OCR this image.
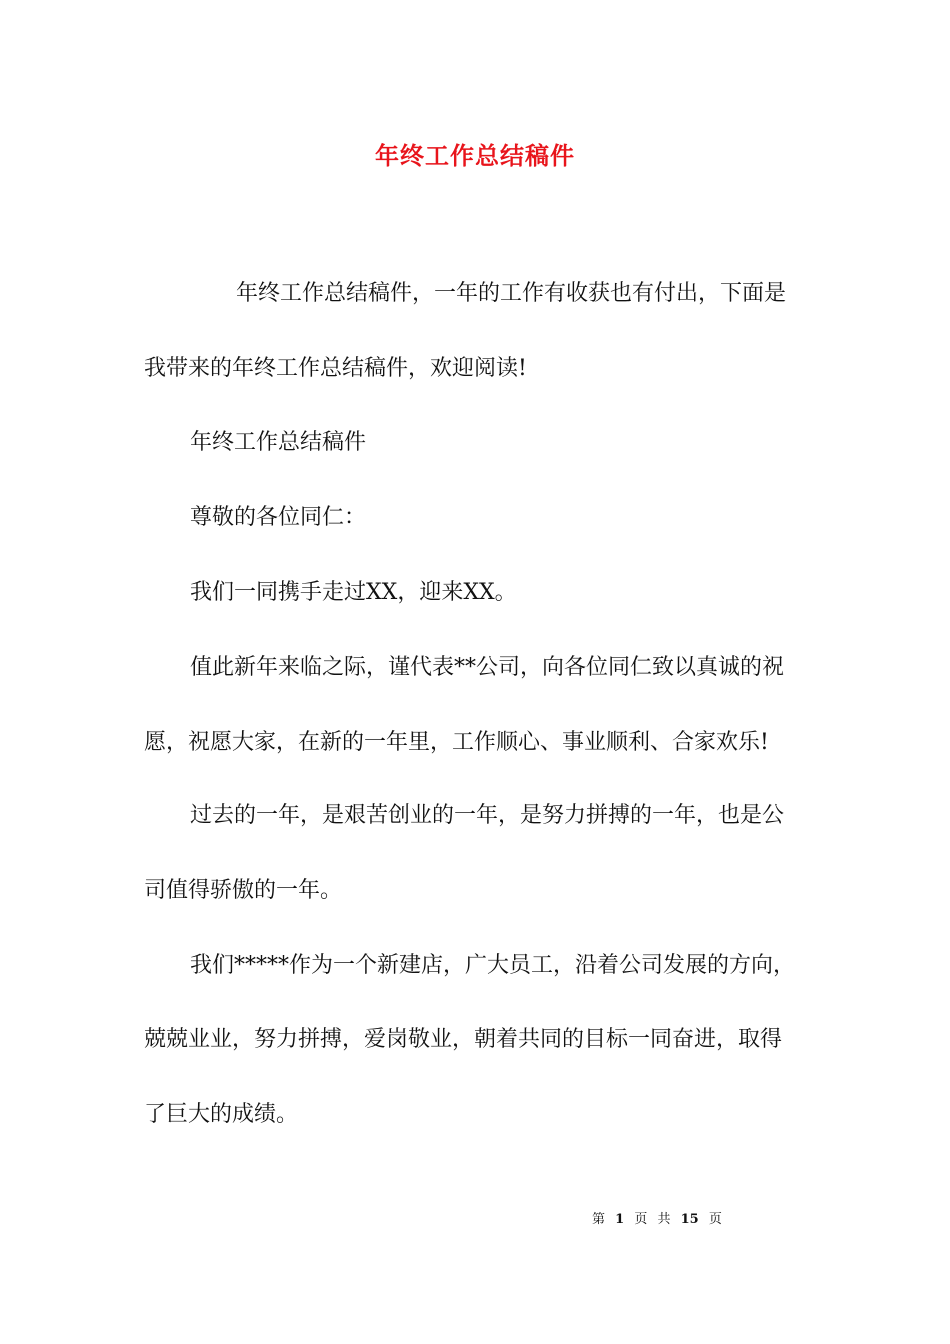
年终工作总结稿件

年终工作总结稿件，一年的工作有收获也有付出，下面是

我带来的年终工作总结稿件，欢迎阅读!

年终工作总结稿件

尊敬的各位同仁：

我们一同携手走过XX，迎来XX。

值此新年来临之际，谨代表**公司，向各位同仁致以真诚的祝

愿，祝愿大家，在新的一年里，工作顺心、事业顺利、合家欢乐!

过去的一年，是艰苦创业的一年，是努力拼搏的一年，也是公

司值得骄傲的一年。

我们*****作为一个新建店，广大员工，沿着公司发展的方向，

兢兢业业，努力拼搏，爱岗敬业，朝着共同的目标一同奋进，取得

了巨大的成绩。

第 1 页 共 15 页
